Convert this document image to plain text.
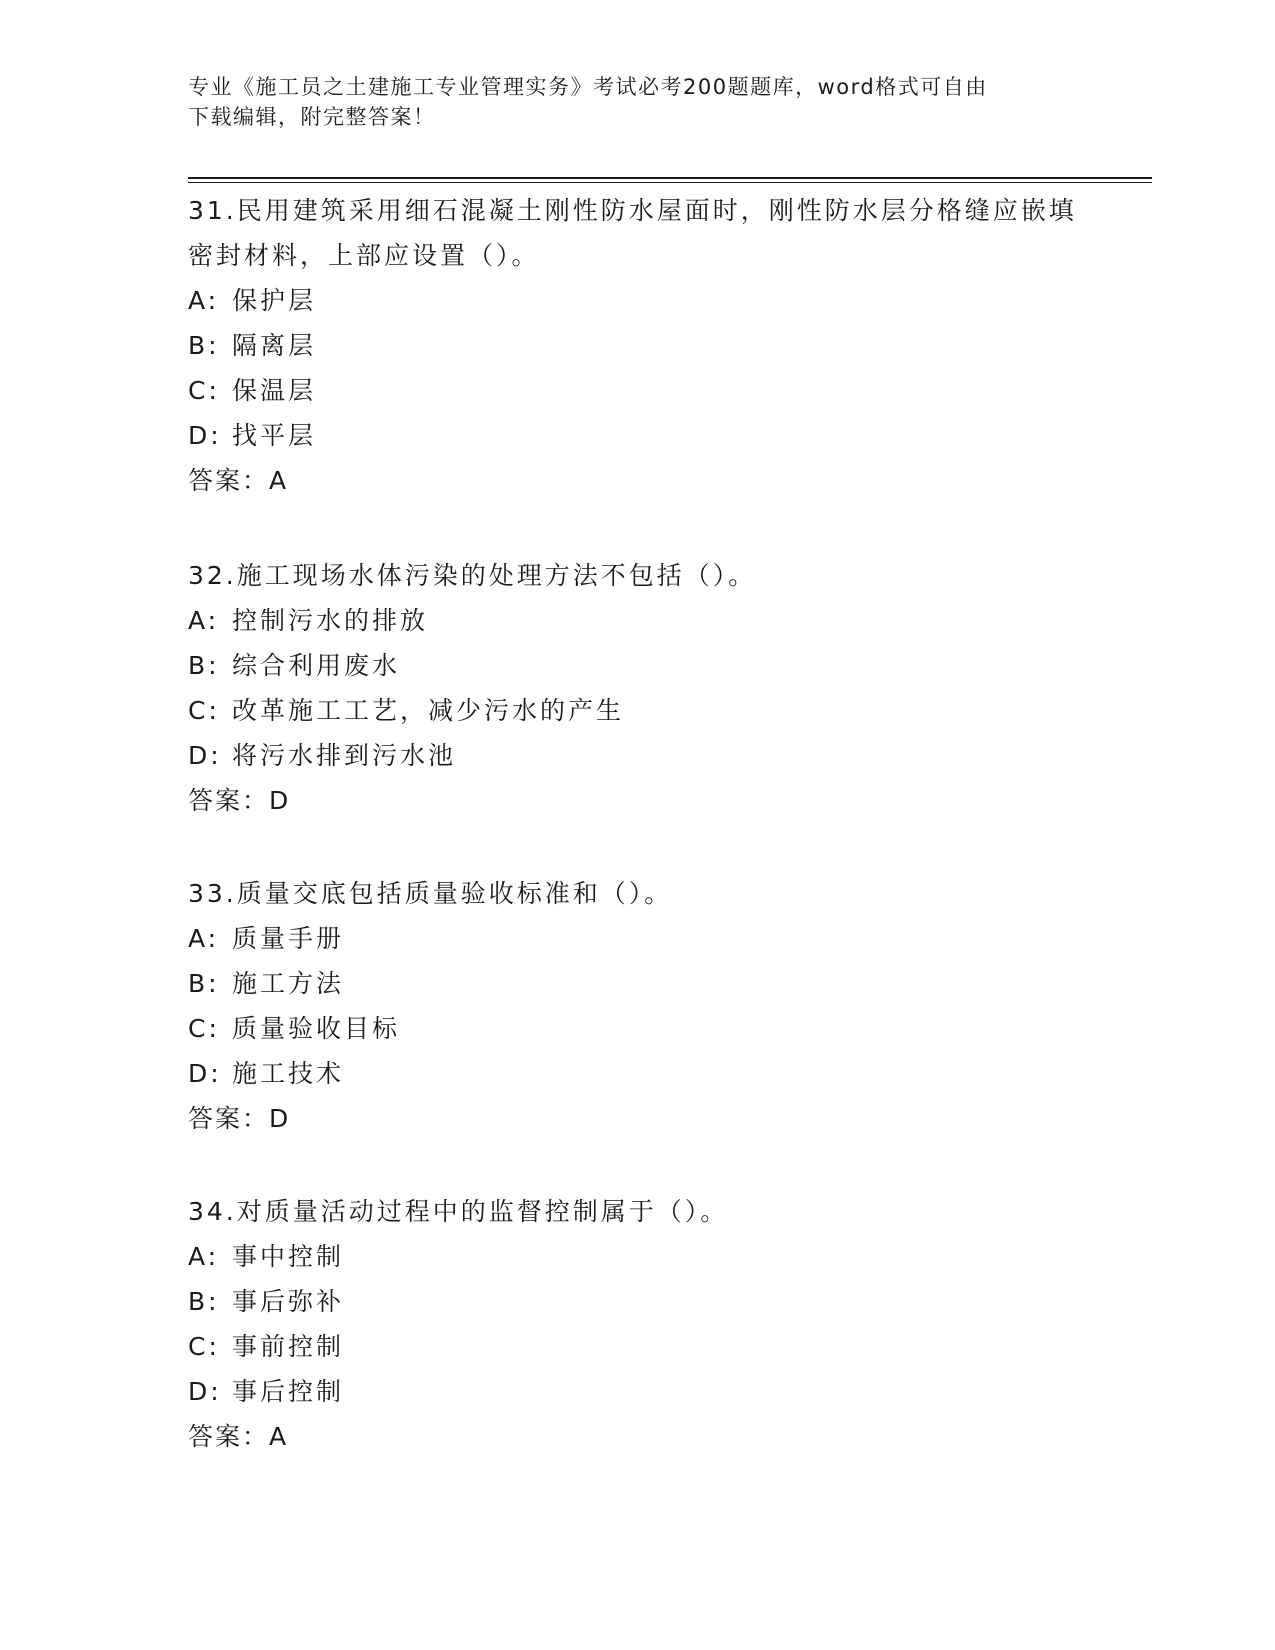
专业《施工员之土建施工专业管理实务》考试必考200题题库，word格式可自由
下载编辑，附完整答案！

31.民用建筑采用细石混凝土刚性防水屋面时，刚性防水层分格缝应嵌填密封材料，上部应设置（）。

A: 保护层

B: 隔离层

C: 保温层

D: 找平层

答案：A

32.施工现场水体污染的处理方法不包括（）。

A: 控制污水的排放

B: 综合利用废水

C: 改革施工工艺，减少污水的产生

D: 将污水排到污水池

答案：D

33.质量交底包括质量验收标准和（）。

A: 质量手册

B: 施工方法

C: 质量验收目标

D: 施工技术

答案：D

34.对质量活动过程中的监督控制属于（）。

A: 事中控制

B: 事后弥补

C: 事前控制

D: 事后控制

答案：A
